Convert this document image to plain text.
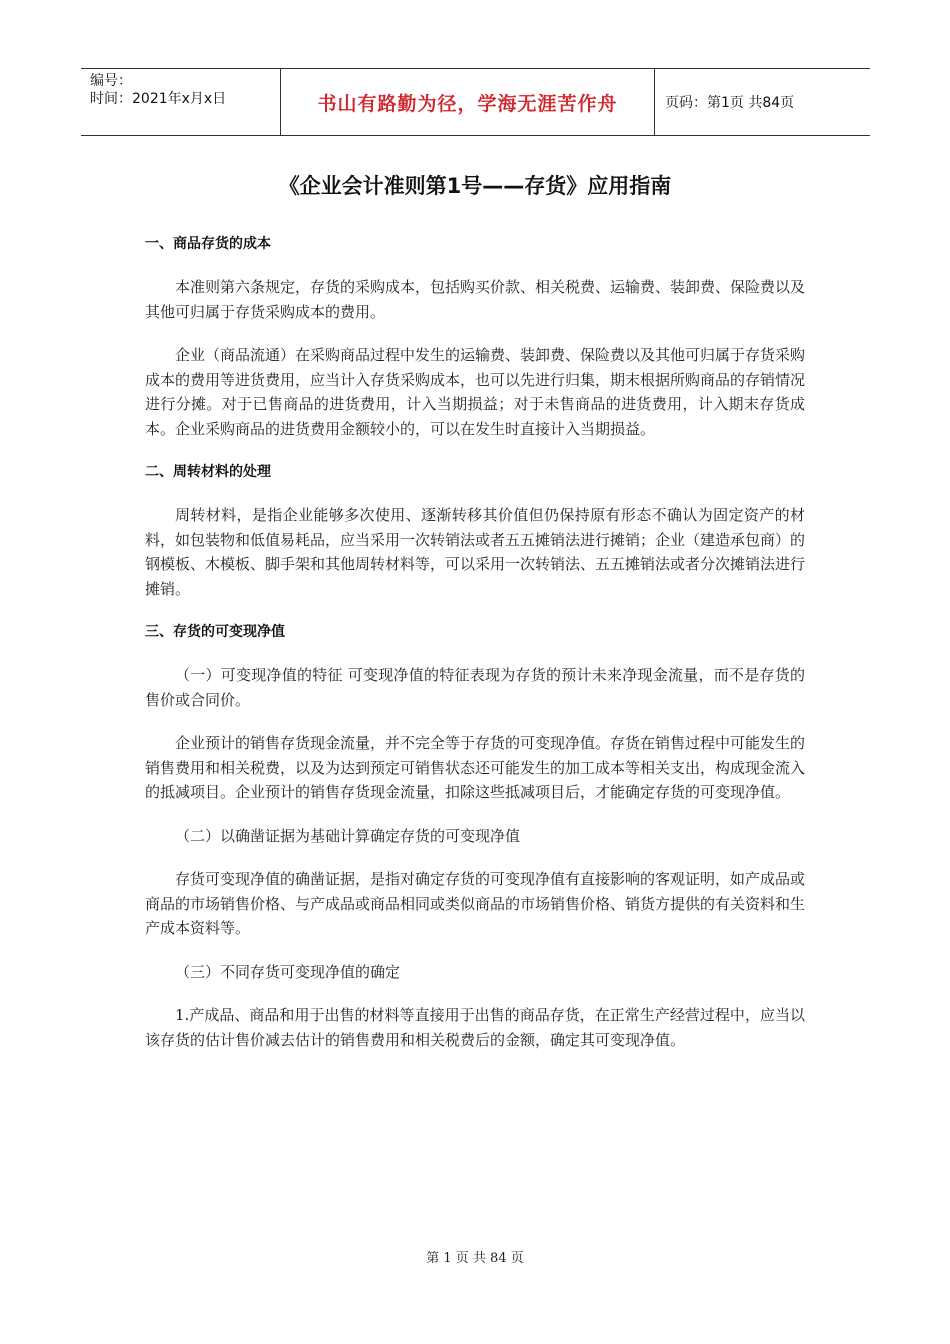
编号：
时间：2021年x月x日	书山有路勤为径，学海无涯苦作舟	页码：第1页 共84页
《企业会计准则第1号——存货》应用指南
一、商品存货的成本

本准则第六条规定，存货的采购成本，包括购买价款、相关税费、运输费、装卸费、保险费以及其他可归属于存货采购成本的费用。

企业（商品流通）在采购商品过程中发生的运输费、装卸费、保险费以及其他可归属于存货采购成本的费用等进货费用，应当计入存货采购成本，也可以先进行归集，期末根据所购商品的存销情况进行分摊。对于已售商品的进货费用，计入当期损益；对于未售商品的进货费用，计入期末存货成本。企业采购商品的进货费用金额较小的，可以在发生时直接计入当期损益。

二、周转材料的处理

周转材料，是指企业能够多次使用、逐渐转移其价值但仍保持原有形态不确认为固定资产的材料，如包装物和低值易耗品，应当采用一次转销法或者五五摊销法进行摊销；企业（建造承包商）的钢模板、木模板、脚手架和其他周转材料等，可以采用一次转销法、五五摊销法或者分次摊销法进行摊销。

三、存货的可变现净值

（一）可变现净值的特征 可变现净值的特征表现为存货的预计未来净现金流量，而不是存货的售价或合同价。

企业预计的销售存货现金流量，并不完全等于存货的可变现净值。存货在销售过程中可能发生的销售费用和相关税费，以及为达到预定可销售状态还可能发生的加工成本等相关支出，构成现金流入的抵减项目。企业预计的销售存货现金流量，扣除这些抵减项目后，才能确定存货的可变现净值。

（二）以确凿证据为基础计算确定存货的可变现净值

存货可变现净值的确凿证据，是指对确定存货的可变现净值有直接影响的客观证明，如产成品或商品的市场销售价格、与产成品或商品相同或类似商品的市场销售价格、销货方提供的有关资料和生产成本资料等。

（三）不同存货可变现净值的确定

1.产成品、商品和用于出售的材料等直接用于出售的商品存货，在正常生产经营过程中，应当以该存货的估计售价减去估计的销售费用和相关税费后的金额，确定其可变现净值。

第 1 页 共 84 页
